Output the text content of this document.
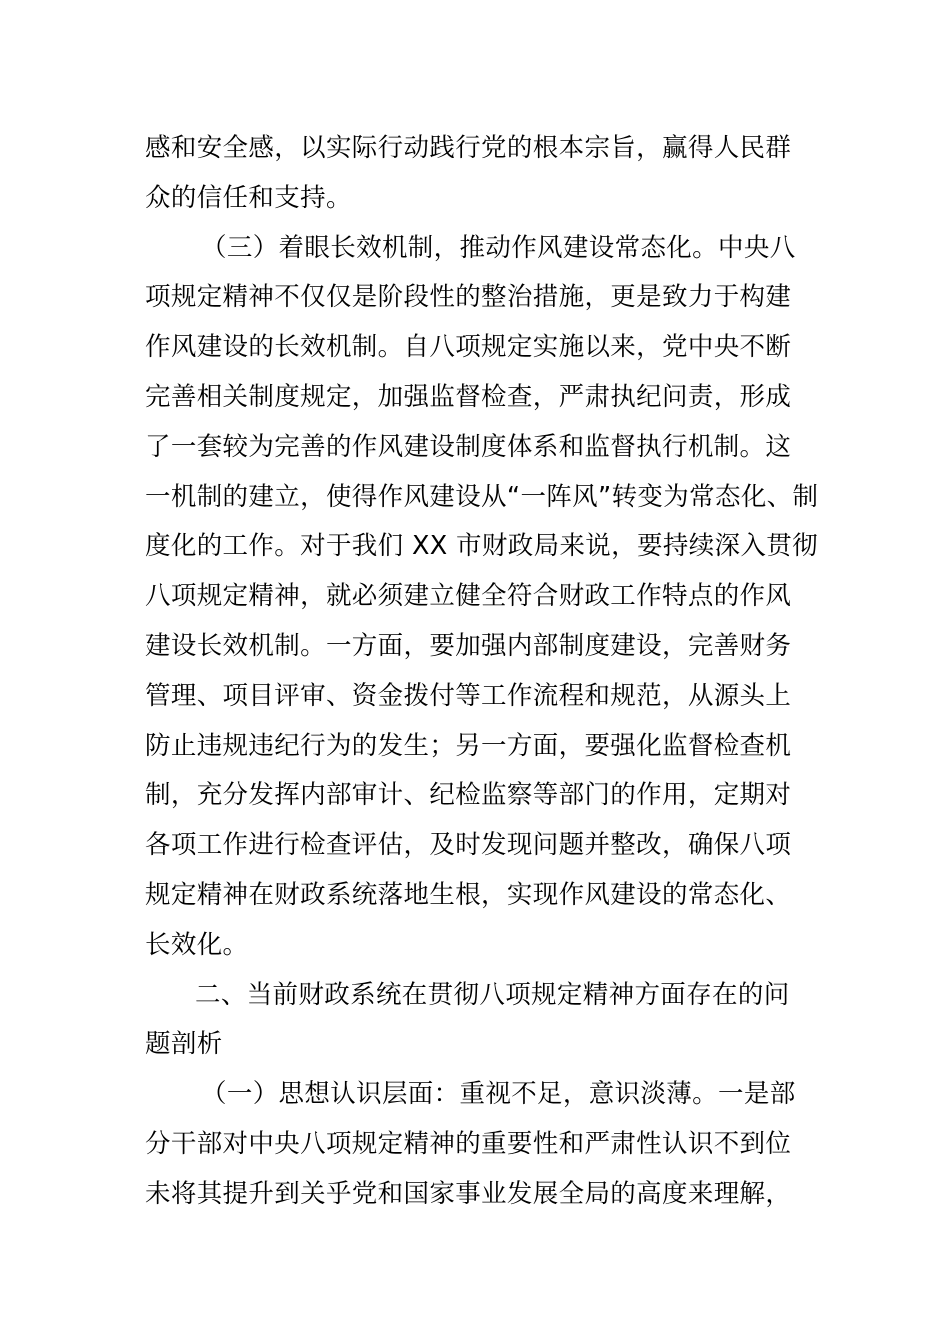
感和安全感，以实际行动践行党的根本宗旨，赢得人民群
众的信任和支持。
（三）着眼长效机制，推动作风建设常态化。中央八
项规定精神不仅仅是阶段性的整治措施，更是致力于构建
作风建设的长效机制。自八项规定实施以来，党中央不断
完善相关制度规定，加强监督检查，严肃执纪问责，形成
了一套较为完善的作风建设制度体系和监督执行机制。这
一机制的建立，使得作风建设从“一阵风”转变为常态化、制
度化的工作。对于我们 XX 市财政局来说，要持续深入贯彻
八项规定精神，就必须建立健全符合财政工作特点的作风
建设长效机制。一方面，要加强内部制度建设，完善财务
管理、项目评审、资金拨付等工作流程和规范，从源头上
防止违规违纪行为的发生；另一方面，要强化监督检查机
制，充分发挥内部审计、纪检监察等部门的作用，定期对
各项工作进行检查评估，及时发现问题并整改，确保八项
规定精神在财政系统落地生根，实现作风建设的常态化、
长效化。
二、当前财政系统在贯彻八项规定精神方面存在的问
题剖析
（一）思想认识层面：重视不足，意识淡薄。一是部
分干部对中央八项规定精神的重要性和严肃性认识不到位
未将其提升到关乎党和国家事业发展全局的高度来理解，
